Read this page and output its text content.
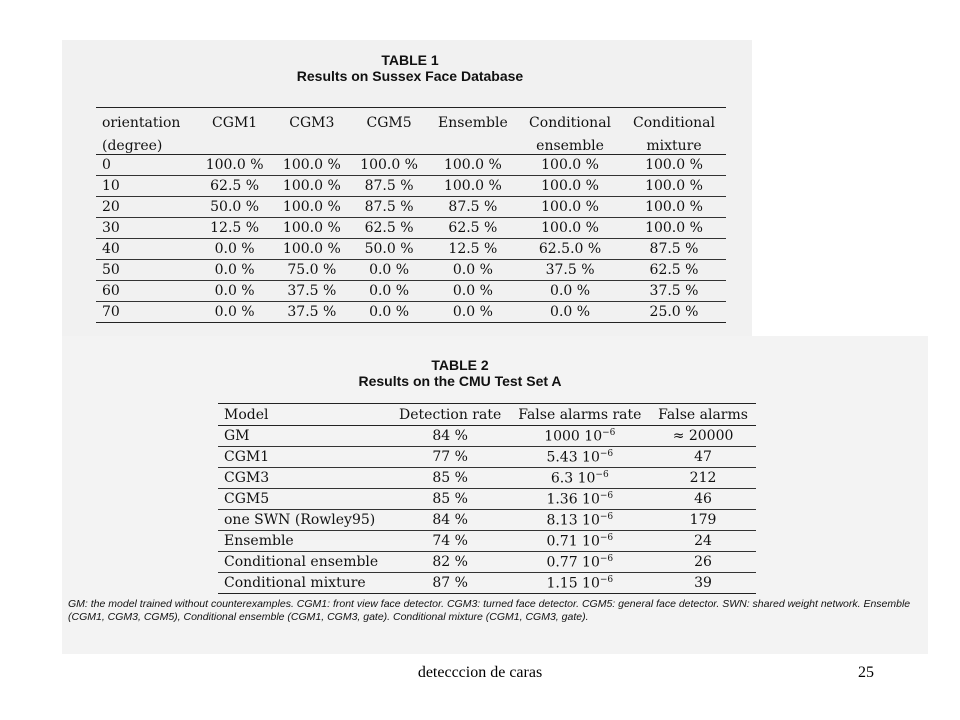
TABLE 1
Results on Sussex Face Database
orientation	CGM1	CGM3	CGM5	Ensemble	Conditional	Conditional
(degree)					ensemble	mixture
0	100.0 %	100.0 %	100.0 %	100.0 %	100.0 %	100.0 %
10	62.5 %	100.0 %	87.5 %	100.0 %	100.0 %	100.0 %
20	50.0 %	100.0 %	87.5 %	87.5 %	100.0 %	100.0 %
30	12.5 %	100.0 %	62.5 %	62.5 %	100.0 %	100.0 %
40	0.0 %	100.0 %	50.0 %	12.5 %	62.5.0 %	87.5 %
50	0.0 %	75.0 %	0.0 %	0.0 %	37.5 %	62.5 %
60	0.0 %	37.5 %	0.0 %	0.0 %	0.0 %	37.5 %
70	0.0 %	37.5 %	0.0 %	0.0 %	0.0 %	25.0 %
TABLE 2
Results on the CMU Test Set A
Model	Detection rate	False alarms rate	False alarms
GM	84 %	1000 $10^{-6}$	≈ 20000
CGM1	77 %	5.43 $10^{-6}$	47
CGM3	85 %	6.3 $10^{-6}$	212
CGM5	85 %	1.36 $10^{-6}$	46
one SWN (Rowley95)	84 %	8.13 $10^{-6}$	179
Ensemble	74 %	0.71 $10^{-6}$	24
Conditional ensemble	82 %	0.77 $10^{-6}$	26
Conditional mixture	87 %	1.15 $10^{-6}$	39
GM: the model trained without counterexamples. CGM1: front view face detector. CGM3: turned face detector. CGM5: general face detector. SWN: shared weight network. Ensemble (CGM1, CGM3, CGM5), Conditional ensemble (CGM1, CGM3, gate). Conditional mixture (CGM1, CGM3, gate).
detecccion de caras	25
